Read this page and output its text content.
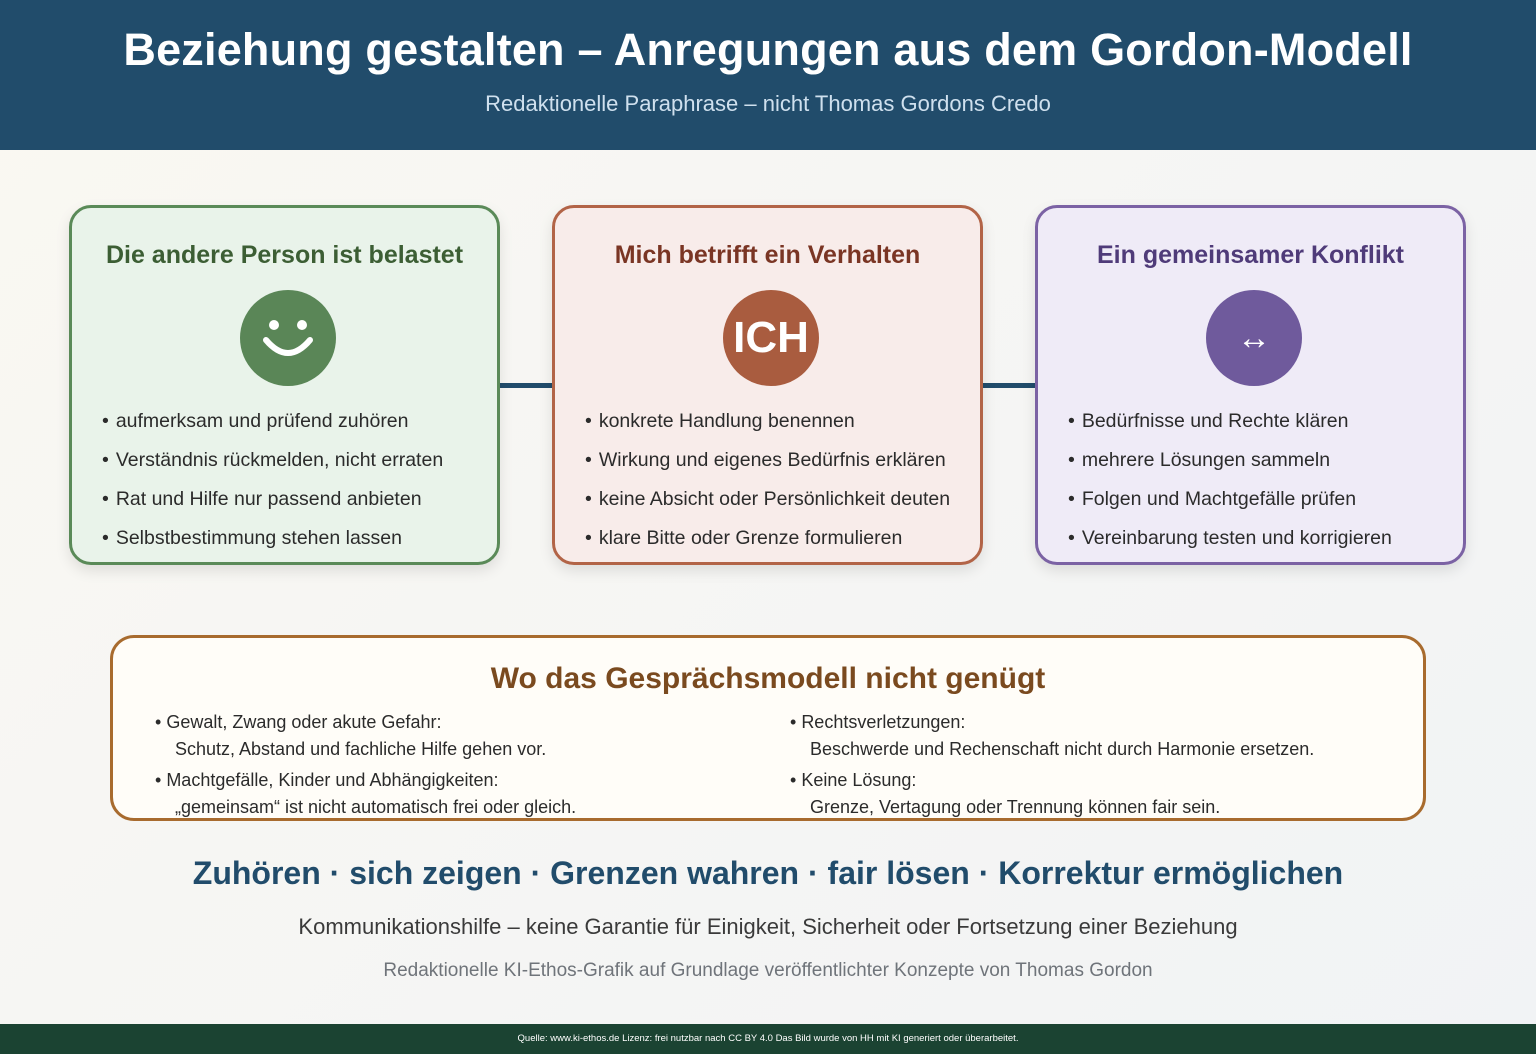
Beziehung gestalten – Anregungen aus dem Gordon-Modell
Redaktionelle Paraphrase – nicht Thomas Gordons Credo
Die andere Person ist belastet
• aufmerksam und prüfend zuhören
• Verständnis rückmelden, nicht erraten
• Rat und Hilfe nur passend anbieten
• Selbstbestimmung stehen lassen
Mich betrifft ein Verhalten
ICH
• konkrete Handlung benennen
• Wirkung und eigenes Bedürfnis erklären
• keine Absicht oder Persönlichkeit deuten
• klare Bitte oder Grenze formulieren
Ein gemeinsamer Konflikt
↔
• Bedürfnisse und Rechte klären
• mehrere Lösungen sammeln
• Folgen und Machtgefälle prüfen
• Vereinbarung testen und korrigieren
Wo das Gesprächsmodell nicht genügt
• Gewalt, Zwang oder akute Gefahr:
Schutz, Abstand und fachliche Hilfe gehen vor.
• Machtgefälle, Kinder und Abhängigkeiten:
„gemeinsam“ ist nicht automatisch frei oder gleich.
• Rechtsverletzungen:
Beschwerde und Rechenschaft nicht durch Harmonie ersetzen.
• Keine Lösung:
Grenze, Vertagung oder Trennung können fair sein.
Zuhören · sich zeigen · Grenzen wahren · fair lösen · Korrektur ermöglichen
Kommunikationshilfe – keine Garantie für Einigkeit, Sicherheit oder Fortsetzung einer Beziehung
Redaktionelle KI-Ethos-Grafik auf Grundlage veröffentlichter Konzepte von Thomas Gordon
Quelle: www.ki-ethos.de Lizenz: frei nutzbar nach CC BY 4.0 Das Bild wurde von HH mit KI generiert oder überarbeitet.
